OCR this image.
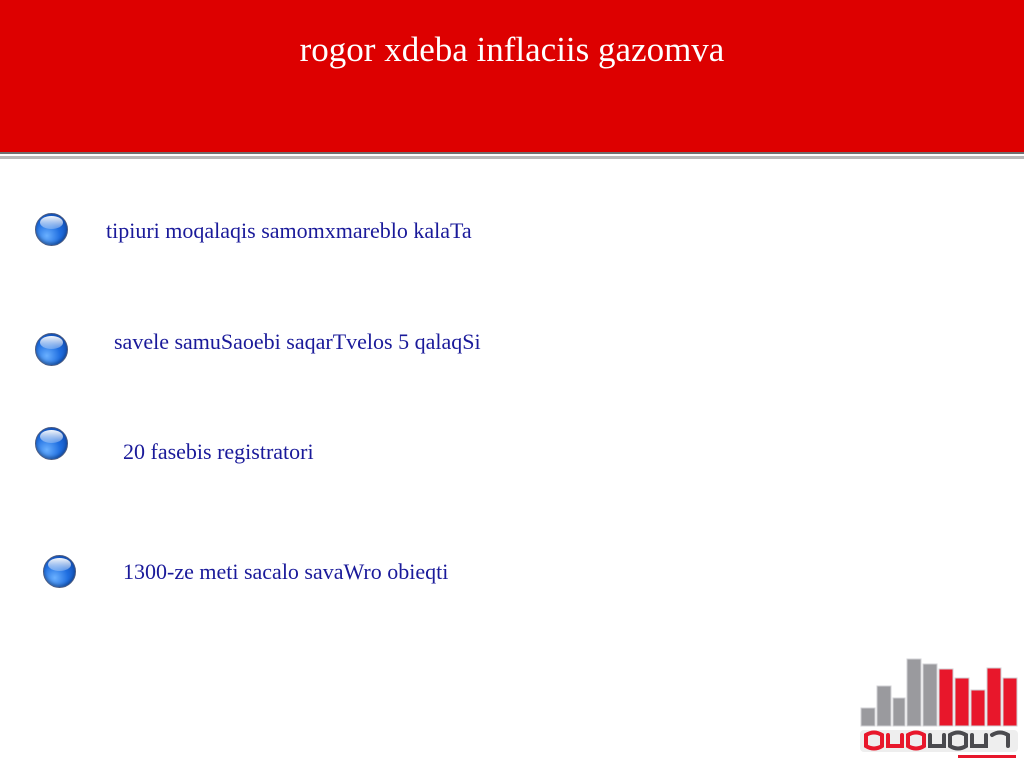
rogor xdeba inflaciis gazomva
tipiuri moqalaqis samomxmareblo kalaTa
savele samuSaoebi saqarTvelos 5 qalaqSi
20 fasebis registratori
1300-ze meti sacalo savaWro obieqti
